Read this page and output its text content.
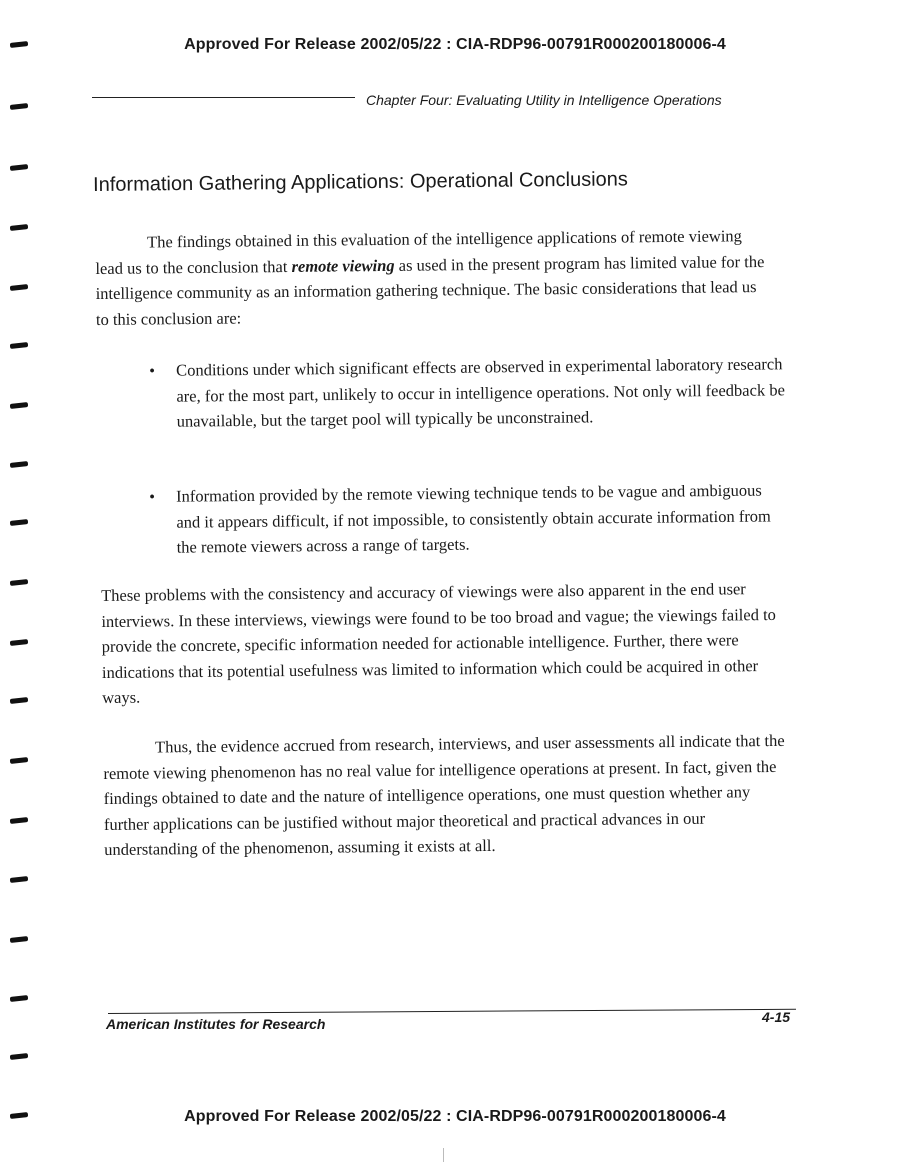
Approved For Release 2002/05/22 : CIA-RDP96-00791R000200180006-4
Chapter Four: Evaluating Utility in Intelligence Operations
Information Gathering Applications: Operational Conclusions

The findings obtained in this evaluation of the intelligence applications of remote viewing lead us to the conclusion that remote viewing as used in the present program has limited value for the intelligence community as an information gathering technique. The basic considerations that lead us to this conclusion are:

• Conditions under which significant effects are observed in experimental laboratory research are, for the most part, unlikely to occur in intelligence operations. Not only will feedback be unavailable, but the target pool will typically be unconstrained.
• Information provided by the remote viewing technique tends to be vague and ambiguous and it appears difficult, if not impossible, to consistently obtain accurate information from the remote viewers across a range of targets.

These problems with the consistency and accuracy of viewings were also apparent in the end user interviews. In these interviews, viewings were found to be too broad and vague; the viewings failed to provide the concrete, specific information needed for actionable intelligence. Further, there were indications that its potential usefulness was limited to information which could be acquired in other ways.

Thus, the evidence accrued from research, interviews, and user assessments all indicate that the remote viewing phenomenon has no real value for intelligence operations at present. In fact, given the findings obtained to date and the nature of intelligence operations, one must question whether any further applications can be justified without major theoretical and practical advances in our understanding of the phenomenon, assuming it exists at all.

American Institutes for Research	4-15
Approved For Release 2002/05/22 : CIA-RDP96-00791R000200180006-4
